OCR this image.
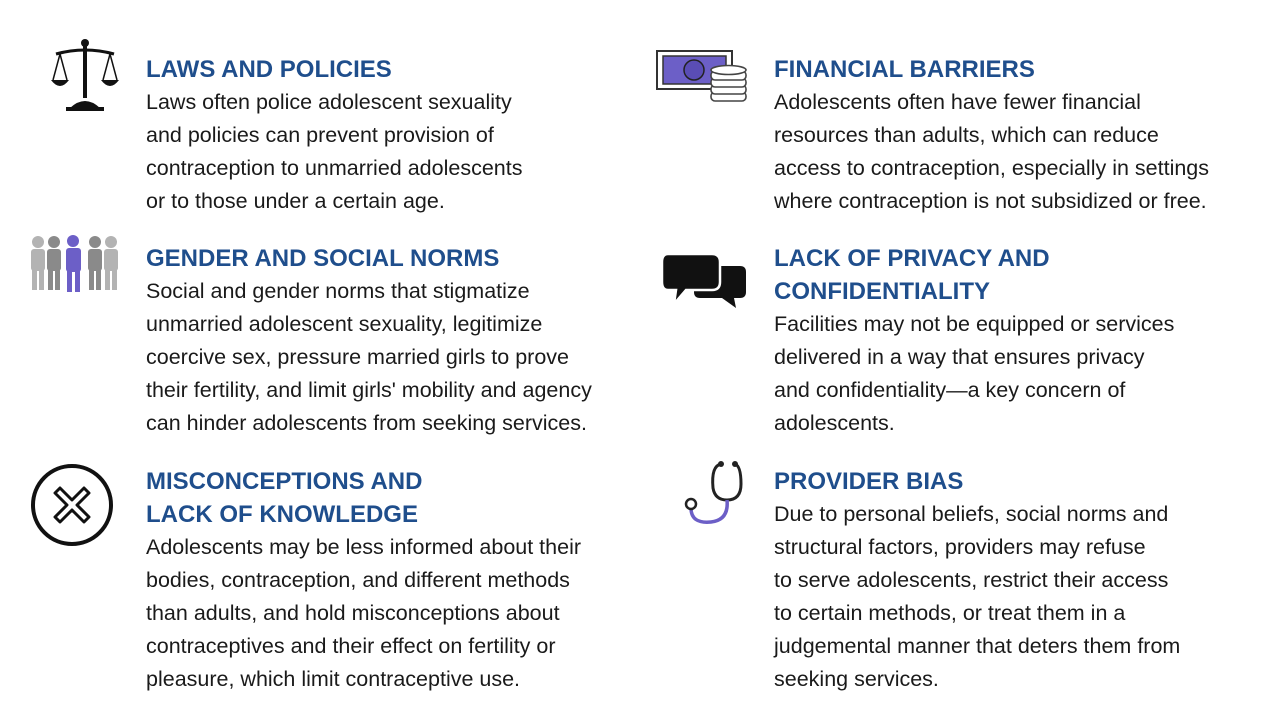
LAWS AND POLICIES

Laws often police adolescent sexuality

and policies can prevent provision of

contraception to unmarried adolescents

or to those under a certain age.

FINANCIAL BARRIERS

Adolescents often have fewer financial

resources than adults, which can reduce

access to contraception, especially in settings

where contraception is not subsidized or free.

GENDER AND SOCIAL NORMS

Social and gender norms that stigmatize

unmarried adolescent sexuality, legitimize

coercive sex, pressure married girls to prove

their fertility, and limit girls' mobility and agency

can hinder adolescents from seeking services.

LACK OF PRIVACY AND

CONFIDENTIALITY

Facilities may not be equipped or services

delivered in a way that ensures privacy

and confidentiality—a key concern of

adolescents.

MISCONCEPTIONS AND

LACK OF KNOWLEDGE

Adolescents may be less informed about their

bodies, contraception, and different methods

than adults, and hold misconceptions about

contraceptives and their effect on fertility or

pleasure, which limit contraceptive use.

PROVIDER BIAS

Due to personal beliefs, social norms and

structural factors, providers may refuse

to serve adolescents, restrict their access

to certain methods, or treat them in a

judgemental manner that deters them from

seeking services.
